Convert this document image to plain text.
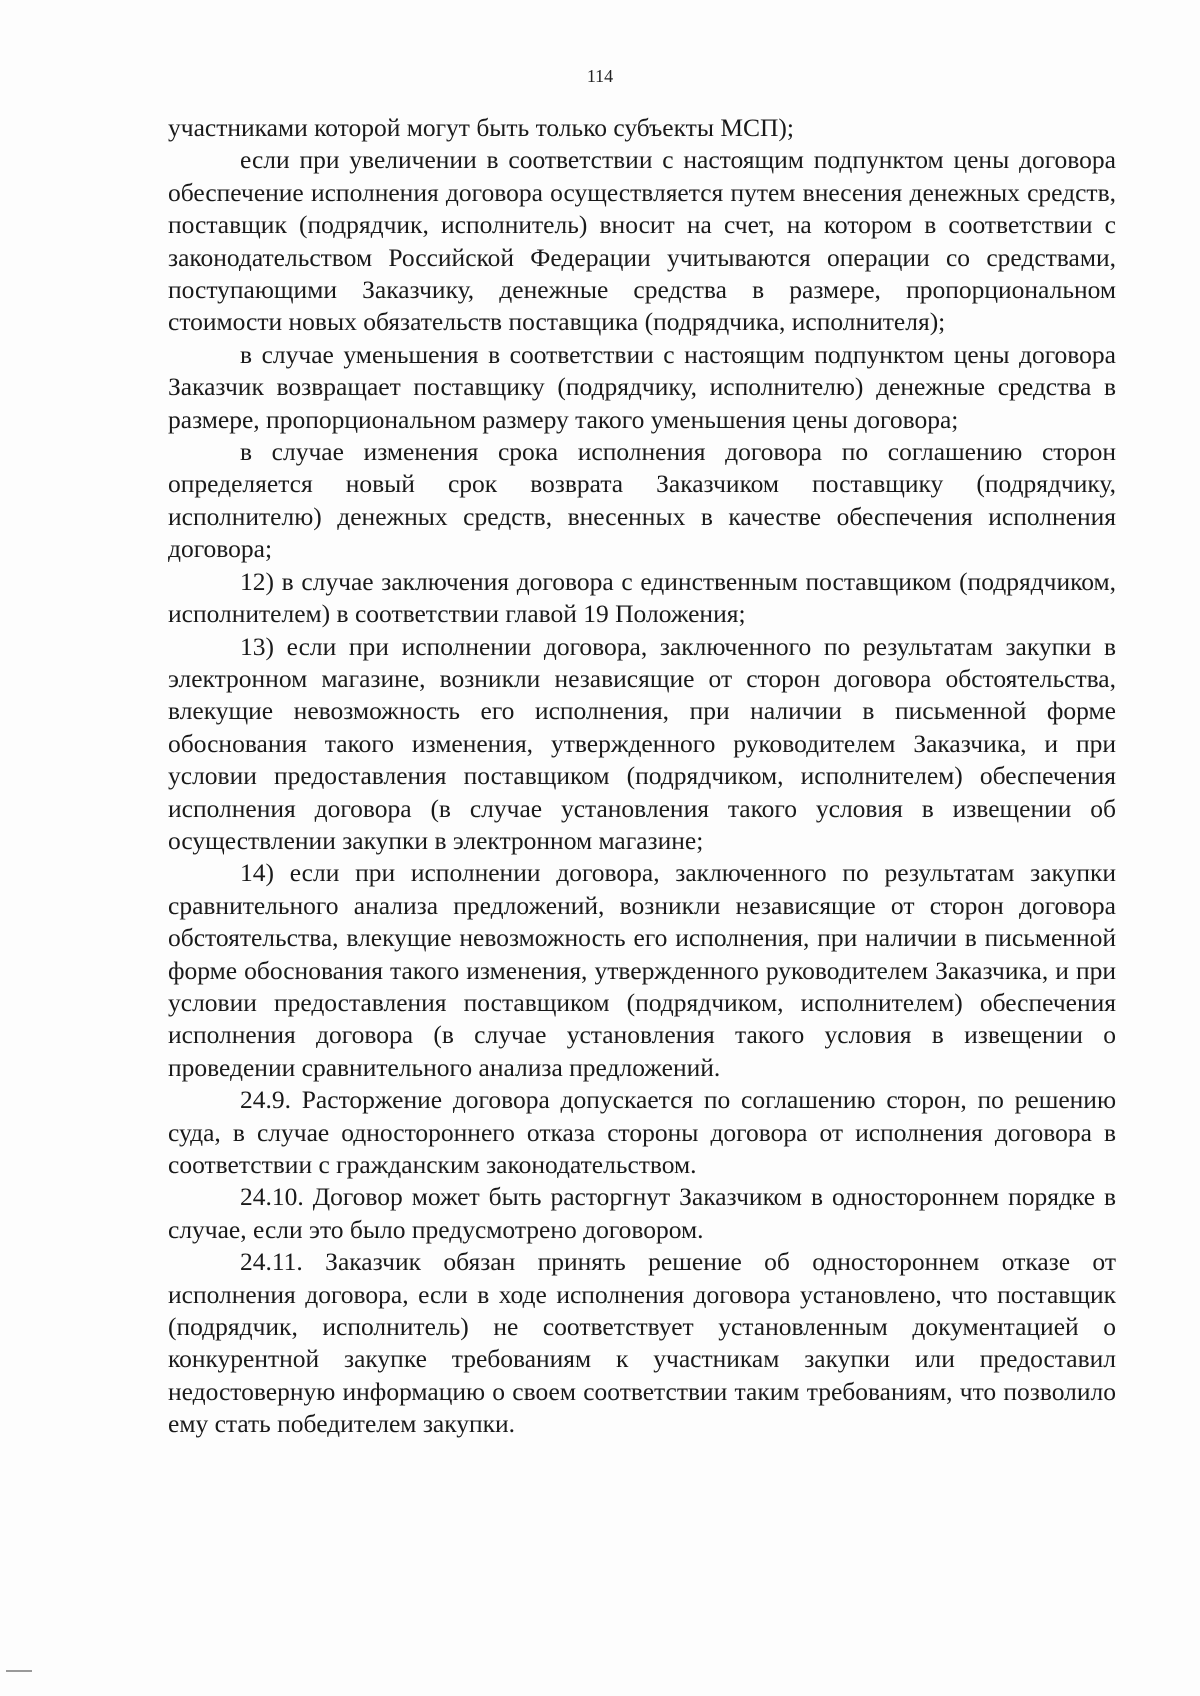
114

участниками которой могут быть только субъекты МСП);

если при увеличении в соответствии с настоящим подпунктом цены договора обеспечение исполнения договора осуществляется путем внесения денежных средств, поставщик (подрядчик, исполнитель) вносит на счет, на котором в соответствии с законодательством Российской Федерации учитываются операции со средствами, поступающими Заказчику, денежные средства в размере, пропорциональном стоимости новых обязательств поставщика (подрядчика, исполнителя);

в случае уменьшения в соответствии с настоящим подпунктом цены договора Заказчик возвращает поставщику (подрядчику, исполнителю) денежные средства в размере, пропорциональном размеру такого уменьшения цены договора;

в случае изменения срока исполнения договора по соглашению сторон определяется новый срок возврата Заказчиком поставщику (подрядчику, исполнителю) денежных средств, внесенных в качестве обеспечения исполнения договора;

12) в случае заключения договора с единственным поставщиком (подрядчиком, исполнителем) в соответствии главой 19 Положения;

13) если при исполнении договора, заключенного по результатам закупки в электронном магазине, возникли независящие от сторон договора обстоятельства, влекущие невозможность его исполнения, при наличии в письменной форме обоснования такого изменения, утвержденного руководителем Заказчика, и при условии предоставления поставщиком (подрядчиком, исполнителем) обеспечения исполнения договора (в случае установления такого условия в извещении об осуществлении закупки в электронном магазине;

14) если при исполнении договора, заключенного по результатам закупки сравнительного анализа предложений, возникли независящие от сторон договора обстоятельства, влекущие невозможность его исполнения, при наличии в письменной форме обоснования такого изменения, утвержденного руководителем Заказчика, и при условии предоставления поставщиком (подрядчиком, исполнителем) обеспечения исполнения договора (в случае установления такого условия в извещении о проведении сравнительного анализа предложений.

24.9. Расторжение договора допускается по соглашению сторон, по решению суда, в случае одностороннего отказа стороны договора от исполнения договора в соответствии с гражданским законодательством.

24.10. Договор может быть расторгнут Заказчиком в одностороннем порядке в случае, если это было предусмотрено договором.

24.11. Заказчик обязан принять решение об одностороннем отказе от исполнения договора, если в ходе исполнения договора установлено, что поставщик (подрядчик, исполнитель) не соответствует установленным документацией о конкурентной закупке требованиям к участникам закупки или предоставил недостоверную информацию о своем соответствии таким требованиям, что позволило ему стать победителем закупки.
